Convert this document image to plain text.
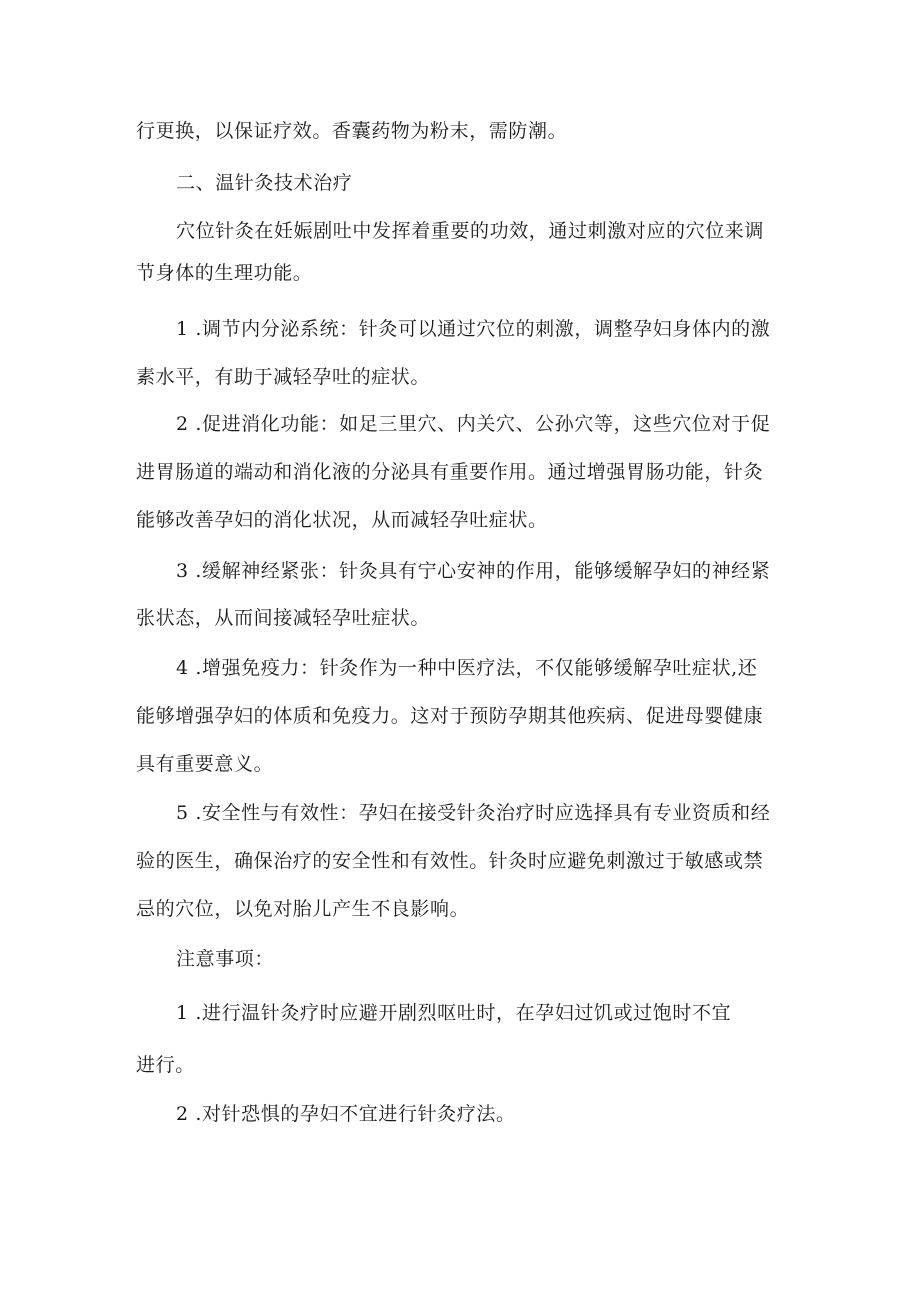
行更换，以保证疗效。香囊药物为粉末，需防潮。
二、温针灸技术治疗
穴位针灸在妊娠剧吐中发挥着重要的功效，通过刺激对应的穴位来调
节身体的生理功能。
1 .调节内分泌系统：针灸可以通过穴位的刺激，调整孕妇身体内的激
素水平，有助于减轻孕吐的症状。
2 .促进消化功能：如足三里穴、内关穴、公孙穴等，这些穴位对于促
进胃肠道的端动和消化液的分泌具有重要作用。通过增强胃肠功能，针灸
能够改善孕妇的消化状况，从而减轻孕吐症状。
3 .缓解神经紧张：针灸具有宁心安神的作用，能够缓解孕妇的神经紧
张状态，从而间接减轻孕吐症状。
4 .增强免疫力：针灸作为一种中医疗法，不仅能够缓解孕吐症状,还
能够增强孕妇的体质和免疫力。这对于预防孕期其他疾病、促进母婴健康
具有重要意义。
5 .安全性与有效性：孕妇在接受针灸治疗时应选择具有专业资质和经
验的医生，确保治疗的安全性和有效性。针灸时应避免刺激过于敏感或禁
忌的穴位，以免对胎儿产生不良影响。
注意事项：
1 .进行温针灸疗时应避开剧烈呕吐时，在孕妇过饥或过饱时不宜
进行。
2 .对针恐惧的孕妇不宜进行针灸疗法。
